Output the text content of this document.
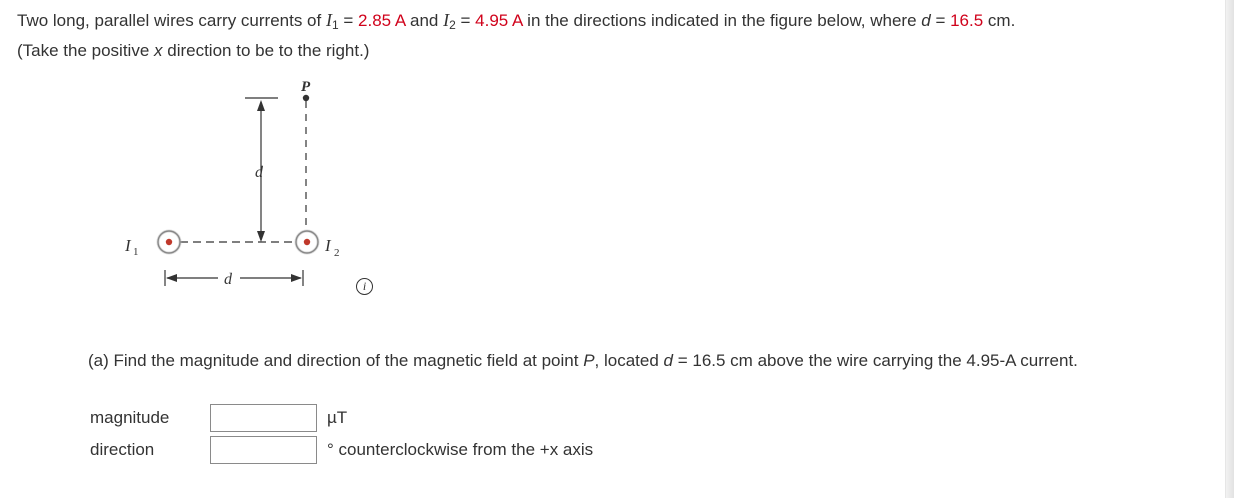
Two long, parallel wires carry currents of $I_1 = 2.85$ A and $I_2 = 4.95$ A in the directions indicated in the figure below, where d = 16.5 cm.
(Take the positive x direction to be to the right.)
P
d
I 1	I 2
d	i
(a) Find the magnitude and direction of the magnetic field at point P, located d = 16.5 cm above the wire carrying the 4.95-A current.
magnitude	µT
direction	° counterclockwise from the +x axis
